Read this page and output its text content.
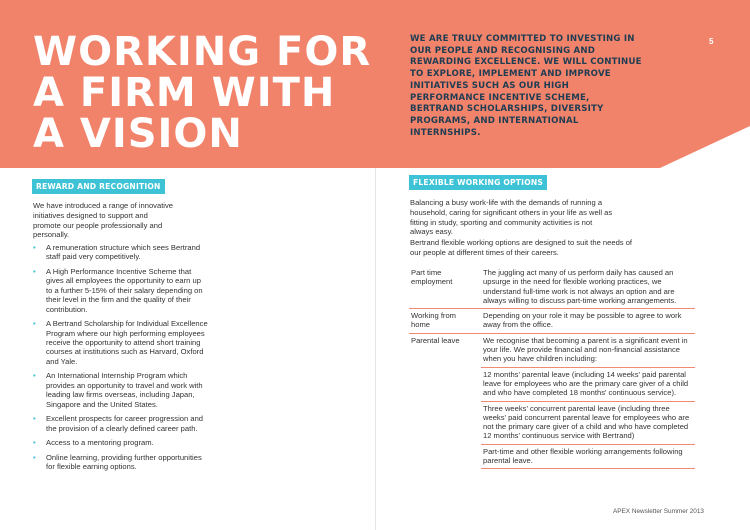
WORKING FOR
A FIRM WITH
A VISION

WE ARE TRULY COMMITTED TO INVESTING IN OUR PEOPLE AND RECOGNISING AND REWARDING EXCELLENCE. WE WILL CONTINUE TO EXPLORE, IMPLEMENT AND IMPROVE INITIATIVES SUCH AS OUR HIGH PERFORMANCE INCENTIVE SCHEME, BERTRAND SCHOLARSHIPS, DIVERSITY PROGRAMS, AND INTERNATIONAL INTERNSHIPS.

5
REWARD AND RECOGNITION

We have introduced a range of innovative initiatives designed to support and promote our people professionally and personally.

• A remuneration structure which sees Bertrand staff paid very competitively.
• A High Performance Incentive Scheme that gives all employees the opportunity to earn up to a further 5-15% of their salary depending on their level in the firm and the quality of their contribution.
• A Bertrand Scholarship for Individual Excellence Program where our high performing employees receive the opportunity to attend short training courses at institutions such as Harvard, Oxford and Yale.
• An International Internship Program which provides an opportunity to travel and work with leading law firms overseas, including Japan, Singapore and the United States.
• Excellent prospects for career progression and the provision of a clearly defined career path.
• Access to a mentoring program.
• Online learning, providing further opportunities for flexible earning options.
FLEXIBLE WORKING OPTIONS

Balancing a busy work-life with the demands of running a household, caring for significant others in your life as well as fitting in study, sporting and community activities is not always easy.

Bertrand flexible working options are designed to suit the needs of our people at different times of their careers.

Part time employment	The juggling act many of us perform daily has caused an upsurge in the need for flexible working practices, we understand full-time work is not always an option and are always willing to discuss part-time working arrangements.
Working from home	Depending on your role it may be possible to agree to work away from the office.
Parental leave	We recognise that becoming a parent is a significant event in your life. We provide financial and non-financial assistance when you have children including:
	12 months' parental leave (including 14 weeks' paid parental leave for employees who are the primary care giver of a child and who have completed 18 months' continuous service).
	Three weeks' concurrent parental leave (including three weeks' paid concurrent parental leave for employees who are not the primary care giver of a child and who have completed 12 months' continuous service with Bertrand)
	Part-time and other flexible working arrangements following parental leave.
APEX Newsletter Summer 2013
